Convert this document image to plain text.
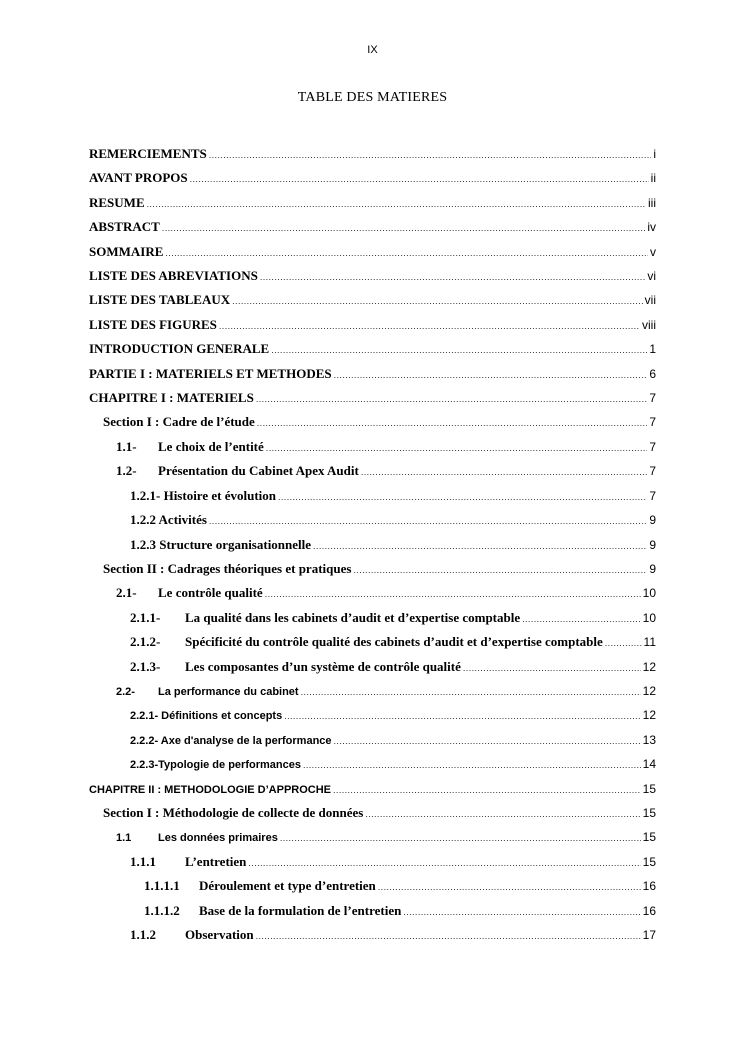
IX
TABLE DES MATIERES
REMERCIEMENTS .....	i
AVANT PROPOS .....	ii
RESUME .....	iii
ABSTRACT .....	iv
SOMMAIRE .....	v
LISTE DES ABREVIATIONS .....	vi
LISTE DES TABLEAUX .....	vii
LISTE DES FIGURES .....	viii
INTRODUCTION GENERALE .....	1
PARTIE I : MATERIELS ET METHODES .....	6
CHAPITRE I : MATERIELS .....	7
Section I : Cadre de l’étude .....	7
1.1-	Le choix de l’entité .....	7
1.2-	Présentation du Cabinet Apex Audit .....	7
1.2.1- Histoire et évolution .....	7
1.2.2 Activités .....	9
1.2.3 Structure organisationnelle .....	9
Section II : Cadrages théoriques et pratiques .....	9
2.1-	Le contrôle qualité .....	10
2.1.1-	La qualité dans les cabinets d’audit et d’expertise comptable .....	10
2.1.2-	Spécificité du contrôle qualité des cabinets d’audit et d’expertise comptable .....	11
2.1.3-	Les composantes d’un système de contrôle qualité .....	12
2.2-	La performance du cabinet .....	12
2.2.1- Définitions et concepts .....	12
2.2.2- Axe d'analyse de la performance .....	13
2.2.3-Typologie de performances .....	14
CHAPITRE II : METHODOLOGIE D’APPROCHE .....	15
Section I : Méthodologie de collecte de données .....	15
1.1	Les données primaires .....	15
1.1.1	L’entretien .....	15
1.1.1.1	Déroulement et type d’entretien .....	16
1.1.1.2	Base de la formulation de l’entretien .....	16
1.1.2	Observation .....	17
